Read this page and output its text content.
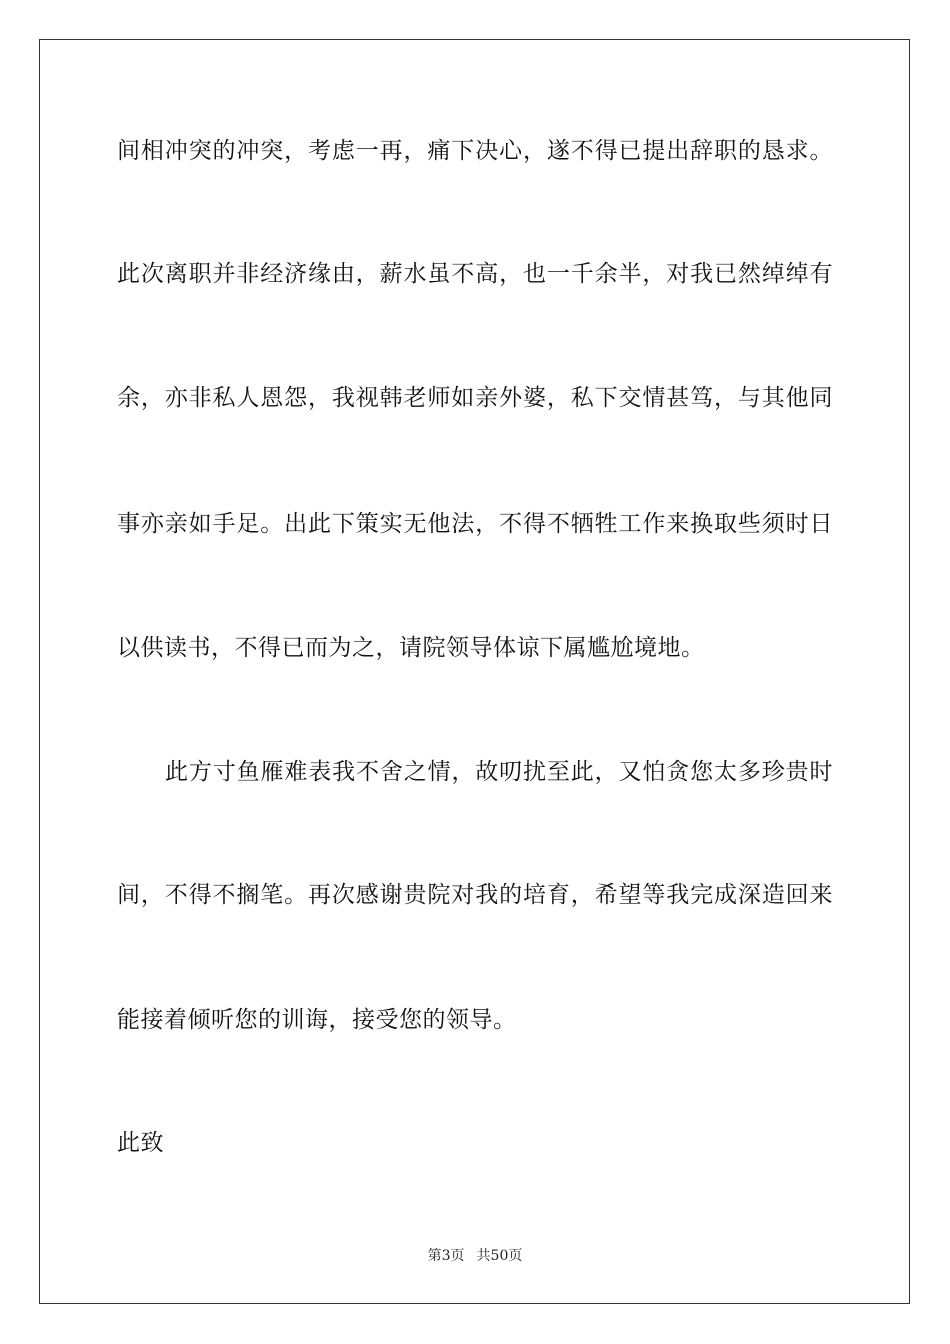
间相冲突的冲突，考虑一再，痛下决心，遂不得已提出辞职的恳求。
此次离职并非经济缘由，薪水虽不高，也一千余半，对我已然绰绰有
余，亦非私人恩怨，我视韩老师如亲外婆，私下交情甚笃，与其他同
事亦亲如手足。出此下策实无他法，不得不牺牲工作来换取些须时日
以供读书，不得已而为之，请院领导体谅下属尴尬境地。
此方寸鱼雁难表我不舍之情，故叨扰至此，又怕贪您太多珍贵时
间，不得不搁笔。再次感谢贵院对我的培育，希望等我完成深造回来
能接着倾听您的训诲，接受您的领导。
此致
第3页 共50页
